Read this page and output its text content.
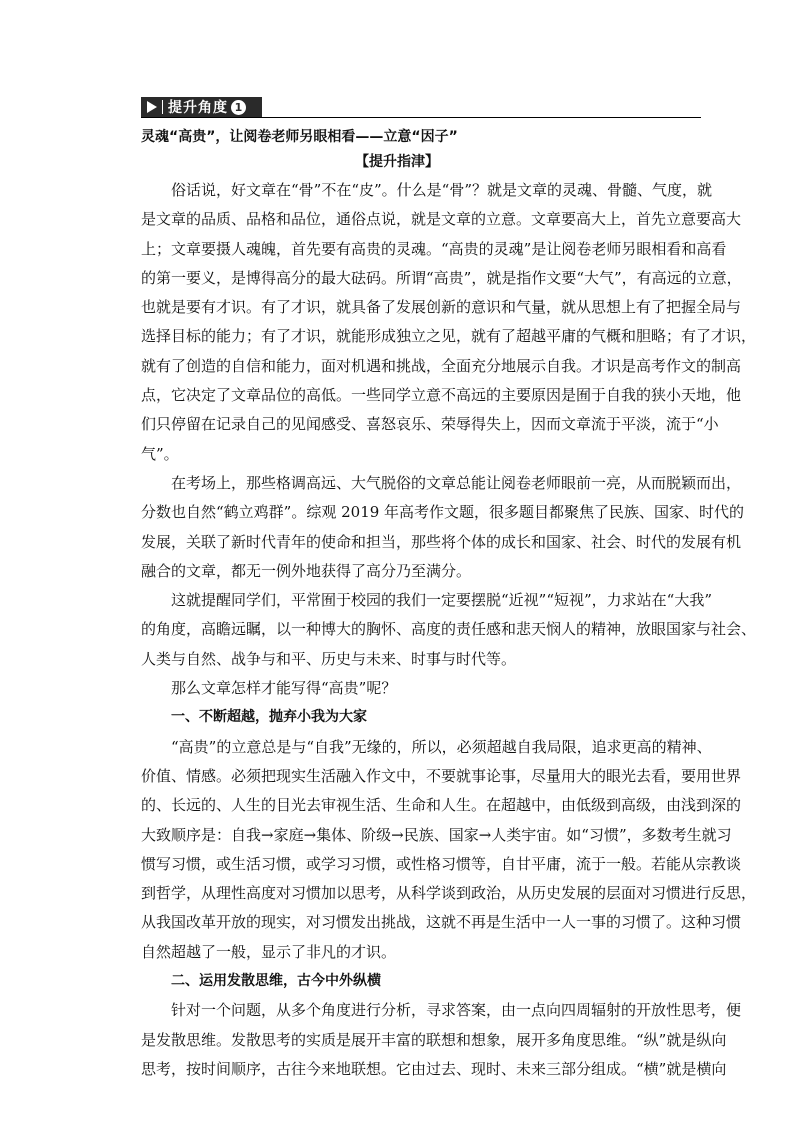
提升角度 1
灵魂“高贵”，让阅卷老师另眼相看——立意“因子”
【提升指津】
俗话说，好文章在“骨”不在“皮”。什么是“骨”？就是文章的灵魂、骨髓、气度，就
是文章的品质、品格和品位，通俗点说，就是文章的立意。文章要高大上，首先立意要高大
上；文章要摄人魂魄，首先要有高贵的灵魂。“高贵的灵魂”是让阅卷老师另眼相看和高看
的第一要义，是博得高分的最大砝码。所谓“高贵”，就是指作文要“大气”，有高远的立意，
也就是要有才识。有了才识，就具备了发展创新的意识和气量，就从思想上有了把握全局与
选择目标的能力；有了才识，就能形成独立之见，就有了超越平庸的气概和胆略；有了才识，
就有了创造的自信和能力，面对机遇和挑战，全面充分地展示自我。才识是高考作文的制高
点，它决定了文章品位的高低。一些同学立意不高远的主要原因是囿于自我的狭小天地，他
们只停留在记录自己的见闻感受、喜怒哀乐、荣辱得失上，因而文章流于平淡，流于“小
气”。
在考场上，那些格调高远、大气脱俗的文章总能让阅卷老师眼前一亮，从而脱颖而出，
分数也自然“鹤立鸡群”。综观 2019 年高考作文题，很多题目都聚焦了民族、国家、时代的
发展，关联了新时代青年的使命和担当，那些将个体的成长和国家、社会、时代的发展有机
融合的文章，都无一例外地获得了高分乃至满分。
这就提醒同学们，平常囿于校园的我们一定要摆脱“近视”“短视”，力求站在“大我”
的角度，高瞻远瞩，以一种博大的胸怀、高度的责任感和悲天悯人的精神，放眼国家与社会、
人类与自然、战争与和平、历史与未来、时事与时代等。
那么文章怎样才能写得“高贵”呢？
一、不断超越，抛弃小我为大家
“高贵”的立意总是与“自我”无缘的，所以，必须超越自我局限，追求更高的精神、
价值、情感。必须把现实生活融入作文中，不要就事论事，尽量用大的眼光去看，要用世界
的、长远的、人生的目光去审视生活、生命和人生。在超越中，由低级到高级，由浅到深的
大致顺序是：自我→家庭→集体、阶级→民族、国家→人类宇宙。如“习惯”，多数考生就习
惯写习惯，或生活习惯，或学习习惯，或性格习惯等，自甘平庸，流于一般。若能从宗教谈
到哲学，从理性高度对习惯加以思考，从科学谈到政治，从历史发展的层面对习惯进行反思，
从我国改革开放的现实，对习惯发出挑战，这就不再是生活中一人一事的习惯了。这种习惯
自然超越了一般，显示了非凡的才识。
二、运用发散思维，古今中外纵横
针对一个问题，从多个角度进行分析，寻求答案，由一点向四周辐射的开放性思考，便
是发散思维。发散思考的实质是展开丰富的联想和想象，展开多角度思维。“纵”就是纵向
思考，按时间顺序，古往今来地联想。它由过去、现时、未来三部分组成。“横”就是横向
